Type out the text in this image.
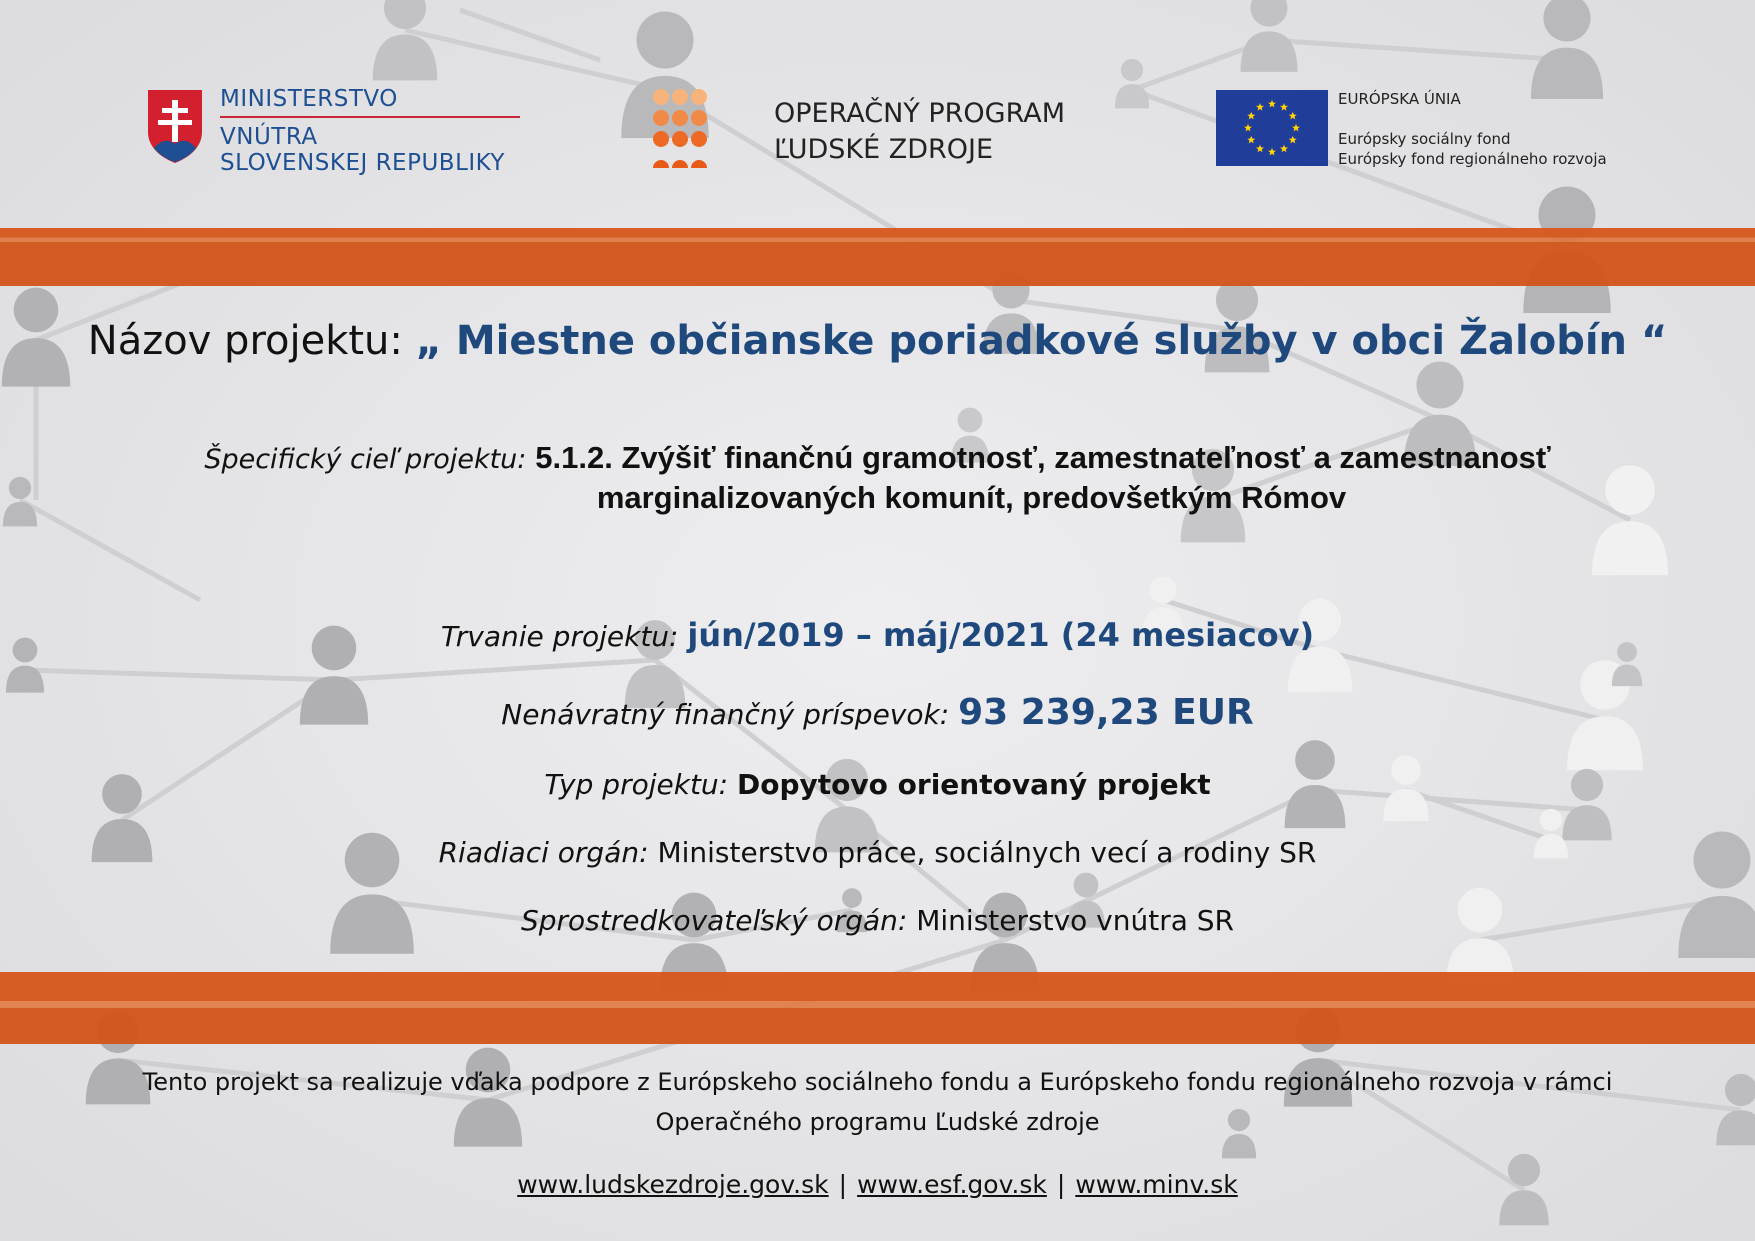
MINISTERSTVO
VNÚTRA
SLOVENSKEJ REPUBLIKY
OPERAČNÝ PROGRAM
ĽUDSKÉ ZDROJE
EURÓPSKA ÚNIA
Európsky sociálny fond
Európsky fond regionálneho rozvoja
Názov projektu: „ Miestne občianske poriadkové služby v obci Žalobín “
Špecifický cieľ projektu: 5.1.2. Zvýšiť finančnú gramotnosť, zamestnateľnosť a zamestnanosť
marginalizovaných komunít, predovšetkým Rómov
Trvanie projektu: jún/2019 – máj/2021 (24 mesiacov)
Nenávratný finančný príspevok: 93 239,23 EUR
Typ projektu: Dopytovo orientovaný projekt
Riadiaci orgán: Ministerstvo práce, sociálnych vecí a rodiny SR
Sprostredkovateľský orgán: Ministerstvo vnútra SR
Tento projekt sa realizuje vďaka podpore z Európskeho sociálneho fondu a Európskeho fondu regionálneho rozvoja v rámci
Operačného programu Ľudské zdroje
www.ludskezdroje.gov.sk | www.esf.gov.sk | www.minv.sk
